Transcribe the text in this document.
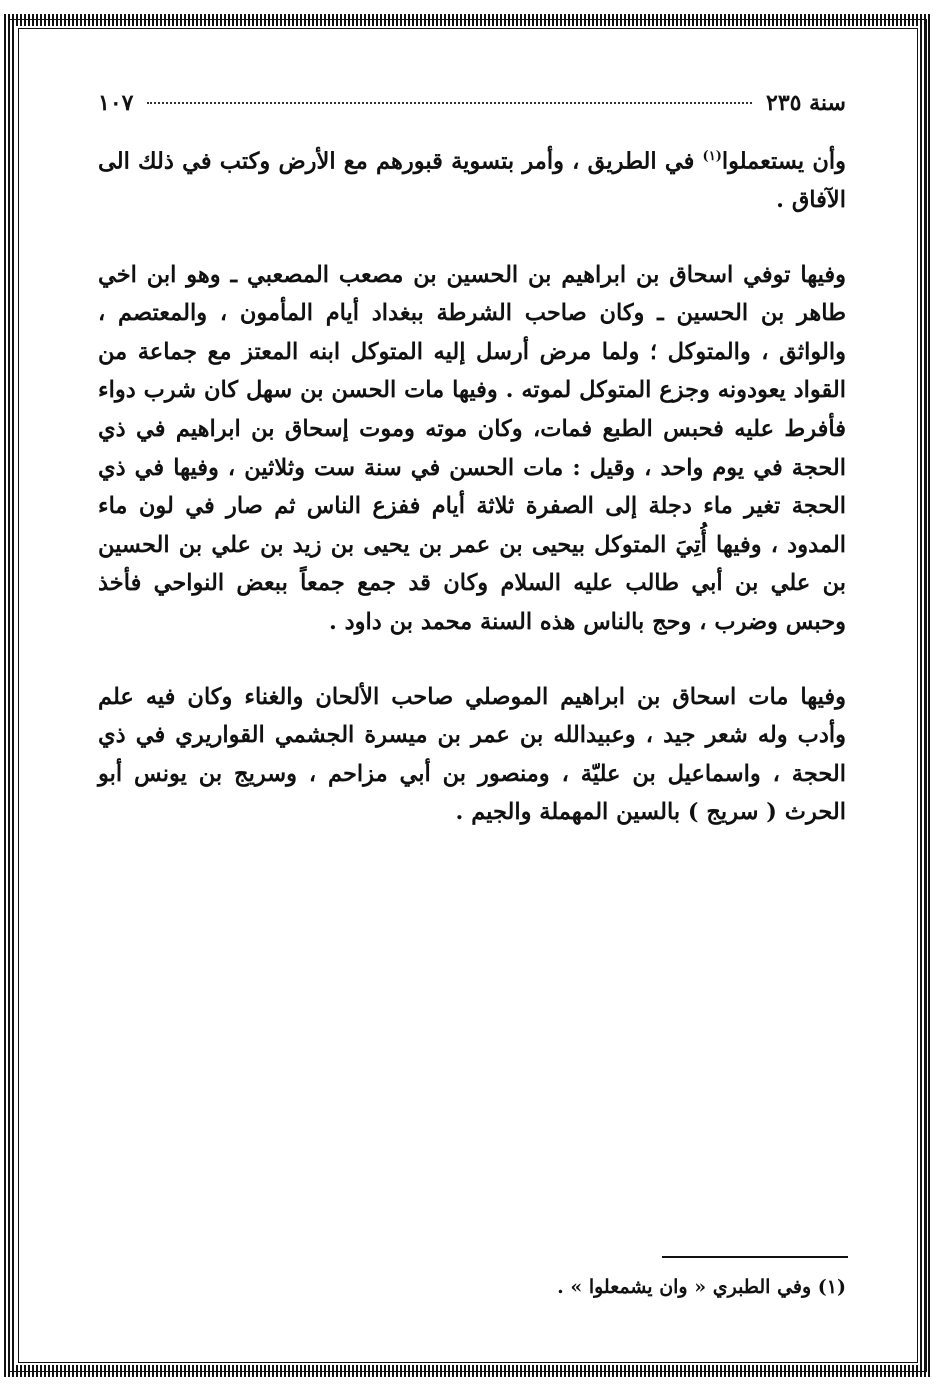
سنة ٢٣٥
١٠٧

وأن يستعملوا$^{(١)}$ في الطريق ، وأمر بتسوية قبورهم مع الأرض وكتب في ذلك الى الآفاق .

وفيها توفي اسحاق بن ابراهيم بن الحسين بن مصعب المصعبي ـ وهو ابن اخي طاهر بن الحسين ـ وكان صاحب الشرطة ببغداد أيام المأمون ، والمعتصم ، والواثق ، والمتوكل ؛ ولما مرض أرسل إليه المتوكل ابنه المعتز مع جماعة من القواد يعودونه وجزع المتوكل لموته . وفيها مات الحسن بن سهل كان شرب دواء فأفرط عليه فحبس الطبع فمات، وكان موته وموت إسحاق بن ابراهيم في ذي الحجة في يوم واحد ، وقيل : مات الحسن في سنة ست وثلاثين ، وفيها في ذي الحجة تغير ماء دجلة إلى الصفرة ثلاثة أيام ففزع الناس ثم صار في لون ماء المدود ، وفيها أُتِيَ المتوكل بيحيى بن عمر بن يحيى بن زيد بن علي بن الحسين بن علي بن أبي طالب عليه السلام وكان قد جمع جمعاً ببعض النواحي فأخذ وحبس وضرب ، وحج بالناس هذه السنة محمد بن داود .

وفيها مات اسحاق بن ابراهيم الموصلي صاحب الألحان والغناء وكان فيه علم وأدب وله شعر جيد ، وعبيدالله بن عمر بن ميسرة الجشمي القواريري في ذي الحجة ، واسماعيل بن عليّة ، ومنصور بن أبي مزاحم ، وسريج بن يونس أبو الحرث ( سريج ) بالسين المهملة والجيم .

(١) وفي الطبري « وان يشمعلوا » .
